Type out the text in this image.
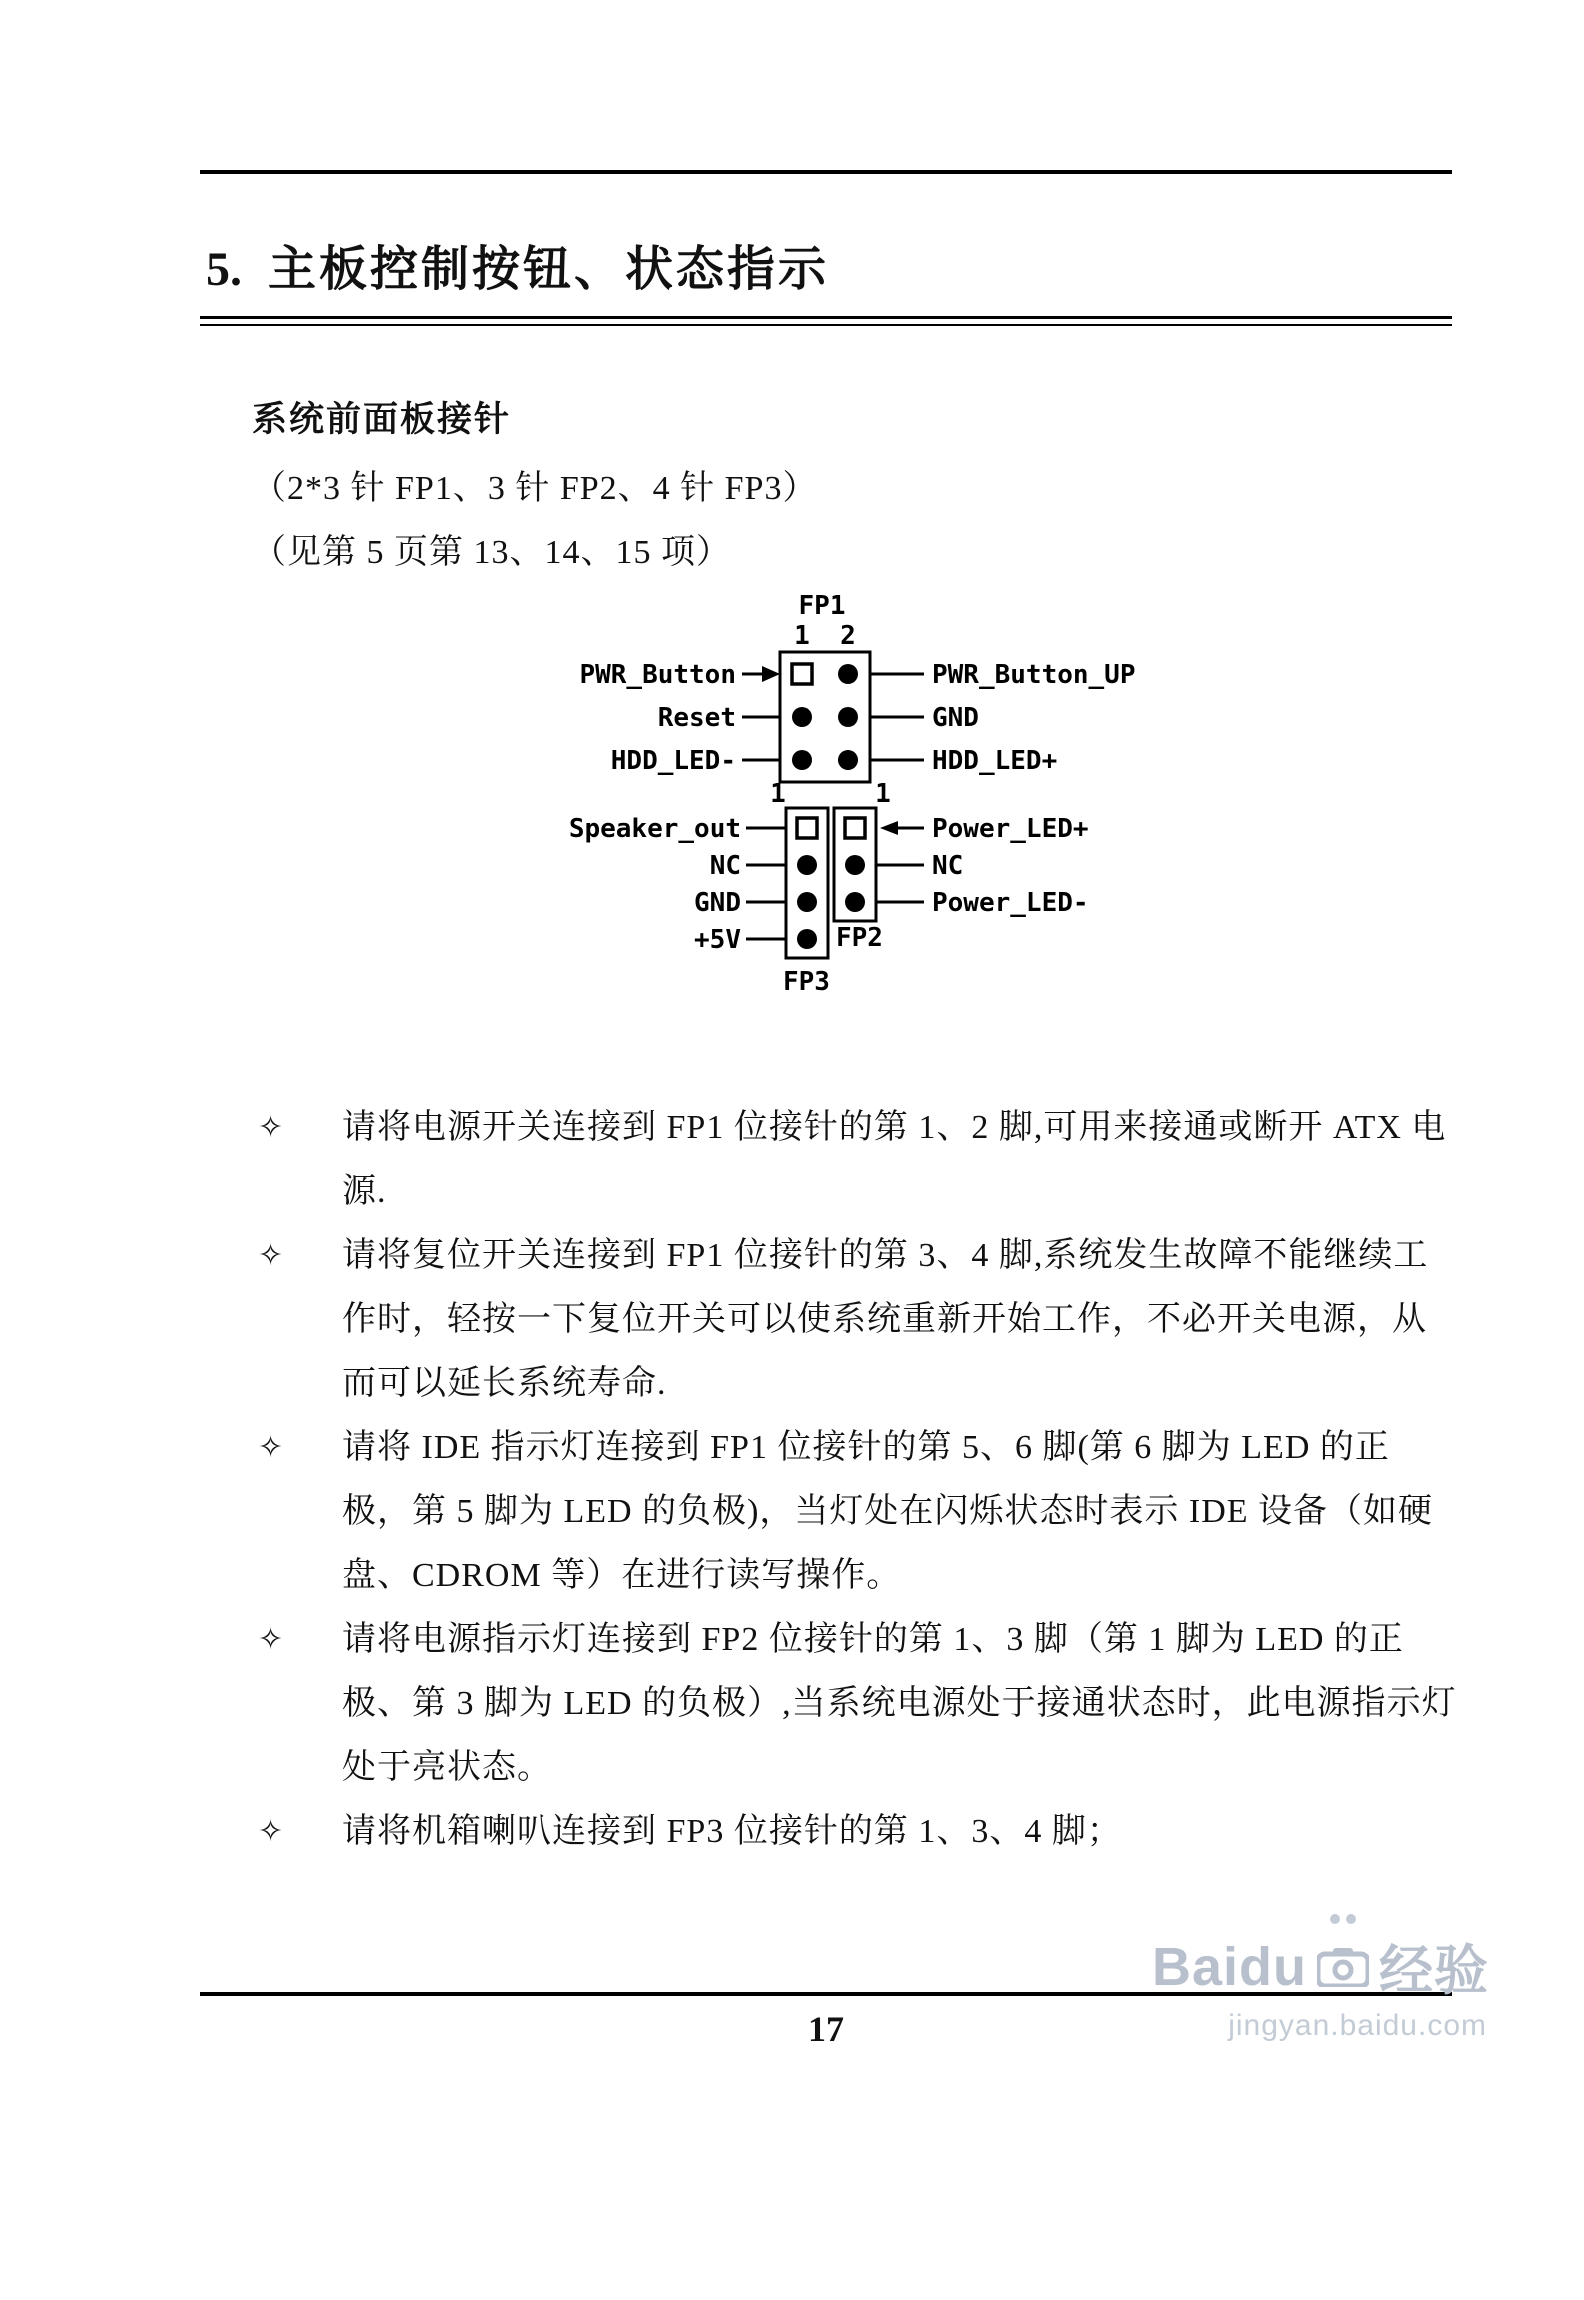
5. 主板控制按钮、状态指示
系统前面板接针
（2*3 针 FP1、3 针 FP2、4 针 FP3）
（见第 5 页第 13、14、15 项）
FP1
1 2
PWR_Button
Reset
HDD_LED-
PWR_Button_UP
GND
HDD_LED+
1	1
Speaker_out
NC
GND
+5V
Power_LED+
NC
Power_LED-
FP2
FP3
✧	请将电源开关连接到 FP1 位接针的第 1、2 脚,可用来接通或断开 ATX 电源.
✧	请将复位开关连接到 FP1 位接针的第 3、4 脚,系统发生故障不能继续工作时，轻按一下复位开关可以使系统重新开始工作，不必开关电源，从而可以延长系统寿命.
✧	请将 IDE 指示灯连接到 FP1 位接针的第 5、6 脚(第 6 脚为 LED 的正极，第 5 脚为 LED 的负极)，当灯处在闪烁状态时表示 IDE 设备（如硬盘、CDROM 等）在进行读写操作。
✧	请将电源指示灯连接到 FP2 位接针的第 1、3 脚（第 1 脚为 LED 的正极、第 3 脚为 LED 的负极）,当系统电源处于接通状态时，此电源指示灯处于亮状态。
✧	请将机箱喇叭连接到 FP3 位接针的第 1、3、4 脚；
17
Baidu 经验
jingyan.baidu.com
